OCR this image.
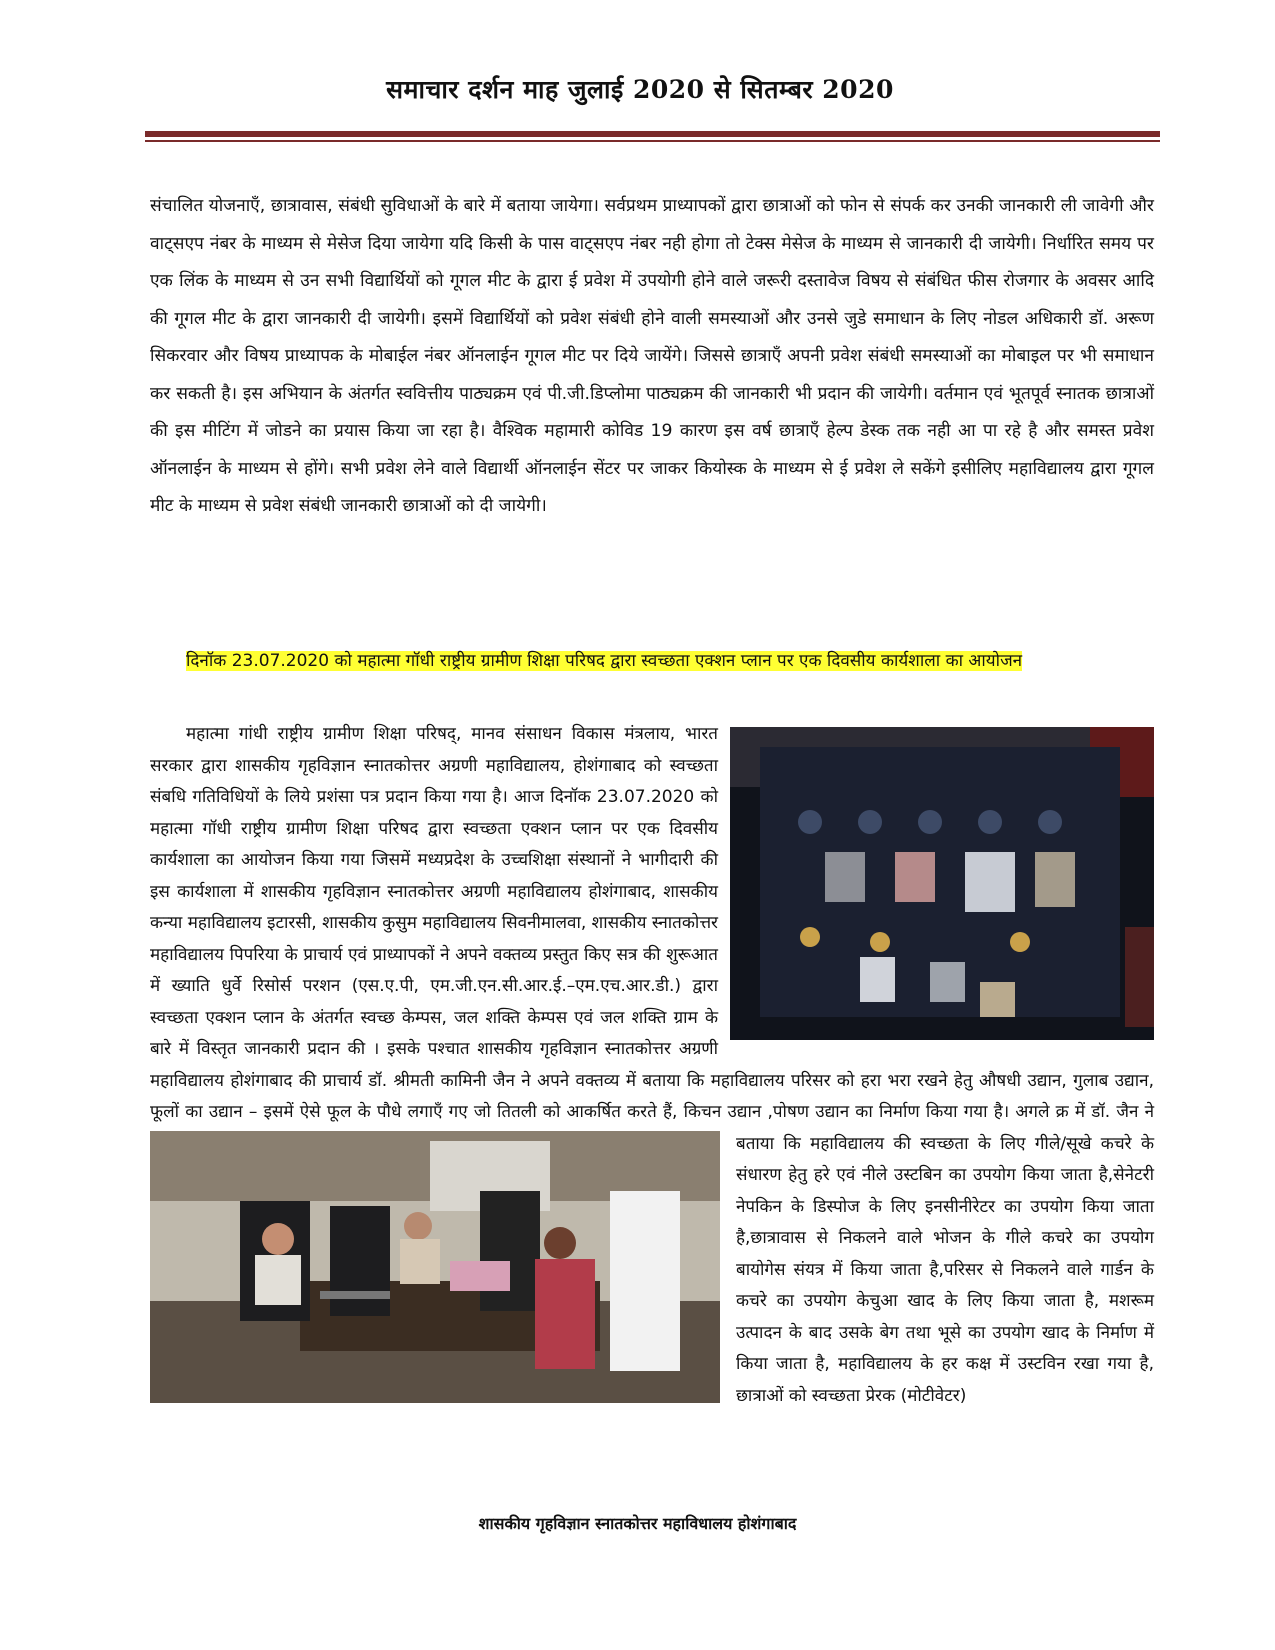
समाचार दर्शन माह जुलाई 2020 से सितम्बर 2020

संचालित योजनाएँ, छात्रावास, संबंधी सुविधाओं के बारे में बताया जायेगा। सर्वप्रथम प्राध्यापकों द्वारा छात्राओं को फोन से संपर्क कर उनकी जानकारी ली जावेगी और वाट्सएप नंबर के माध्यम से मेसेज दिया जायेगा यदि किसी के पास वाट्सएप नंबर नही होगा तो टेक्स मेसेज के माध्यम से जानकारी दी जायेगी। निर्धारित समय पर एक लिंक के माध्यम से उन सभी विद्यार्थियों को गूगल मीट के द्वारा ई प्रवेश में उपयोगी होने वाले जरूरी दस्तावेज विषय से संबंधित फीस रोजगार के अवसर आदि की गूगल मीट के द्वारा जानकारी दी जायेगी। इसमें विद्यार्थियों को प्रवेश संबंधी होने वाली समस्याओं और उनसे जुडे समाधान के लिए नोडल अधिकारी डॉ. अरूण सिकरवार और विषय प्राध्यापक के मोबाईल नंबर ऑनलाईन गूगल मीट पर दिये जायेंगे। जिससे छात्राऍं अपनी प्रवेश संबंधी समस्याओं का मोबाइल पर भी समाधान कर सकती है। इस अभियान के अंतर्गत स्ववित्तीय पाठ्यक्रम एवं पी.जी.डिप्लोमा पाठ्यक्रम की जानकारी भी प्रदान की जायेगी। वर्तमान एवं भूतपूर्व स्नातक छात्राओं की इस मीटिंग में जोडने का प्रयास किया जा रहा है। वैश्विक महामारी कोविड 19 कारण इस वर्ष छात्राऍं हेल्प डेस्क तक नही आ पा रहे है और समस्त प्रवेश ऑनलाईन के माध्यम से होंगे। सभी प्रवेश लेने वाले विद्यार्थी ऑनलाईन सेंटर पर जाकर कियोस्क के माध्यम से ई प्रवेश ले सकेंगे इसीलिए महाविद्यालय द्वारा गूगल मीट के माध्यम से प्रवेश संबंधी जानकारी छात्राओं को दी जायेगी।

दिनॉक 23.07.2020 को महात्मा गॉधी राष्ट्रीय ग्रामीण शिक्षा परिषद द्वारा स्वच्छता एक्शन प्लान पर एक दिवसीय कार्यशाला का आयोजन

महात्मा गांधी राष्ट्रीय ग्रामीण शिक्षा परिषद्, मानव संसाधन विकास मंत्रलाय, भारत सरकार द्वारा शासकीय गृहविज्ञान स्नातकोत्तर अग्रणी महाविद्यालय, होशंगाबाद को स्वच्छता संबधि गतिविधियों के लिये प्रशंसा पत्र प्रदान किया गया है। आज दिनॉक 23.07.2020 को महात्मा गॉधी राष्ट्रीय ग्रामीण शिक्षा परिषद द्वारा स्वच्छता एक्शन प्लान पर एक दिवसीय कार्यशाला का आयोजन किया गया जिसमें मध्यप्रदेश के उच्चशिक्षा संस्थानों ने भागीदारी की इस कार्यशाला में शासकीय गृहविज्ञान स्नातकोत्तर अग्रणी महाविद्यालय होशंगाबाद, शासकीय कन्या महाविद्यालय इटारसी, शासकीय कुसुम महाविद्यालय सिवनीमालवा, शासकीय स्नातकोत्तर महाविद्यालय पिपरिया के प्राचार्य एवं प्राध्यापकों ने अपने वक्तव्य प्रस्तुत किए सत्र की शुरूआत में ख्याति धुर्वे रिसोर्स परशन (एस.ए.पी, एम.जी.एन.सी.आर.ई.–एम.एच.आर.डी.) द्वारा स्वच्छता एक्शन प्लान के अंतर्गत स्वच्छ केम्पस, जल शक्ति केम्पस एवं जल शक्ति ग्राम के बारे में विस्तृत जानकारी प्रदान की । इसके पश्चात शासकीय गृहविज्ञान स्नातकोत्तर अग्रणी महाविद्यालय होशंगाबाद की प्राचार्य डॉ. श्रीमती कामिनी जैन ने अपने वक्तव्य में बताया कि महाविद्यालय परिसर को हरा भरा रखने हेतु औषधी उद्यान, गुलाब उद्यान, फूलों का उद्यान – इसमें ऐसे फूल के पौधे लगाऍं गए जो तितली को आकर्षित करते हैं, किचन उद्यान ,पोषण उद्यान का निर्माण किया गया है। अगले क्र में डॉ. जैन ने बताया कि महाविद्यालय की स्वच्छता के लिए गीले/सूखे कचरे के संधारण हेतु हरे एवं नीले उस्टबिन का उपयोग किया जाता है,सेनेटरी नेपकिन के डिस्पोज के लिए इनसीनीरेटर का उपयोग किया जाता है,छात्रावास से निकलने वाले भोजन के गीले कचरे का उपयोग बायोगेस संयत्र में किया जाता है,परिसर से निकलने वाले गार्डन के कचरे का उपयोग केचुआ खाद के लिए किया जाता है, मशरूम उत्पादन के बाद उसके बेग तथा भूसे का उपयोग खाद के निर्माण में किया जाता है, महाविद्यालय के हर कक्ष में उस्टविन रखा गया है, छात्राओं को स्वच्छता प्रेरक (मोटीवेटर)

शासकीय गृहविज्ञान स्नातकोत्तर महाविधालय होशंगाबाद
